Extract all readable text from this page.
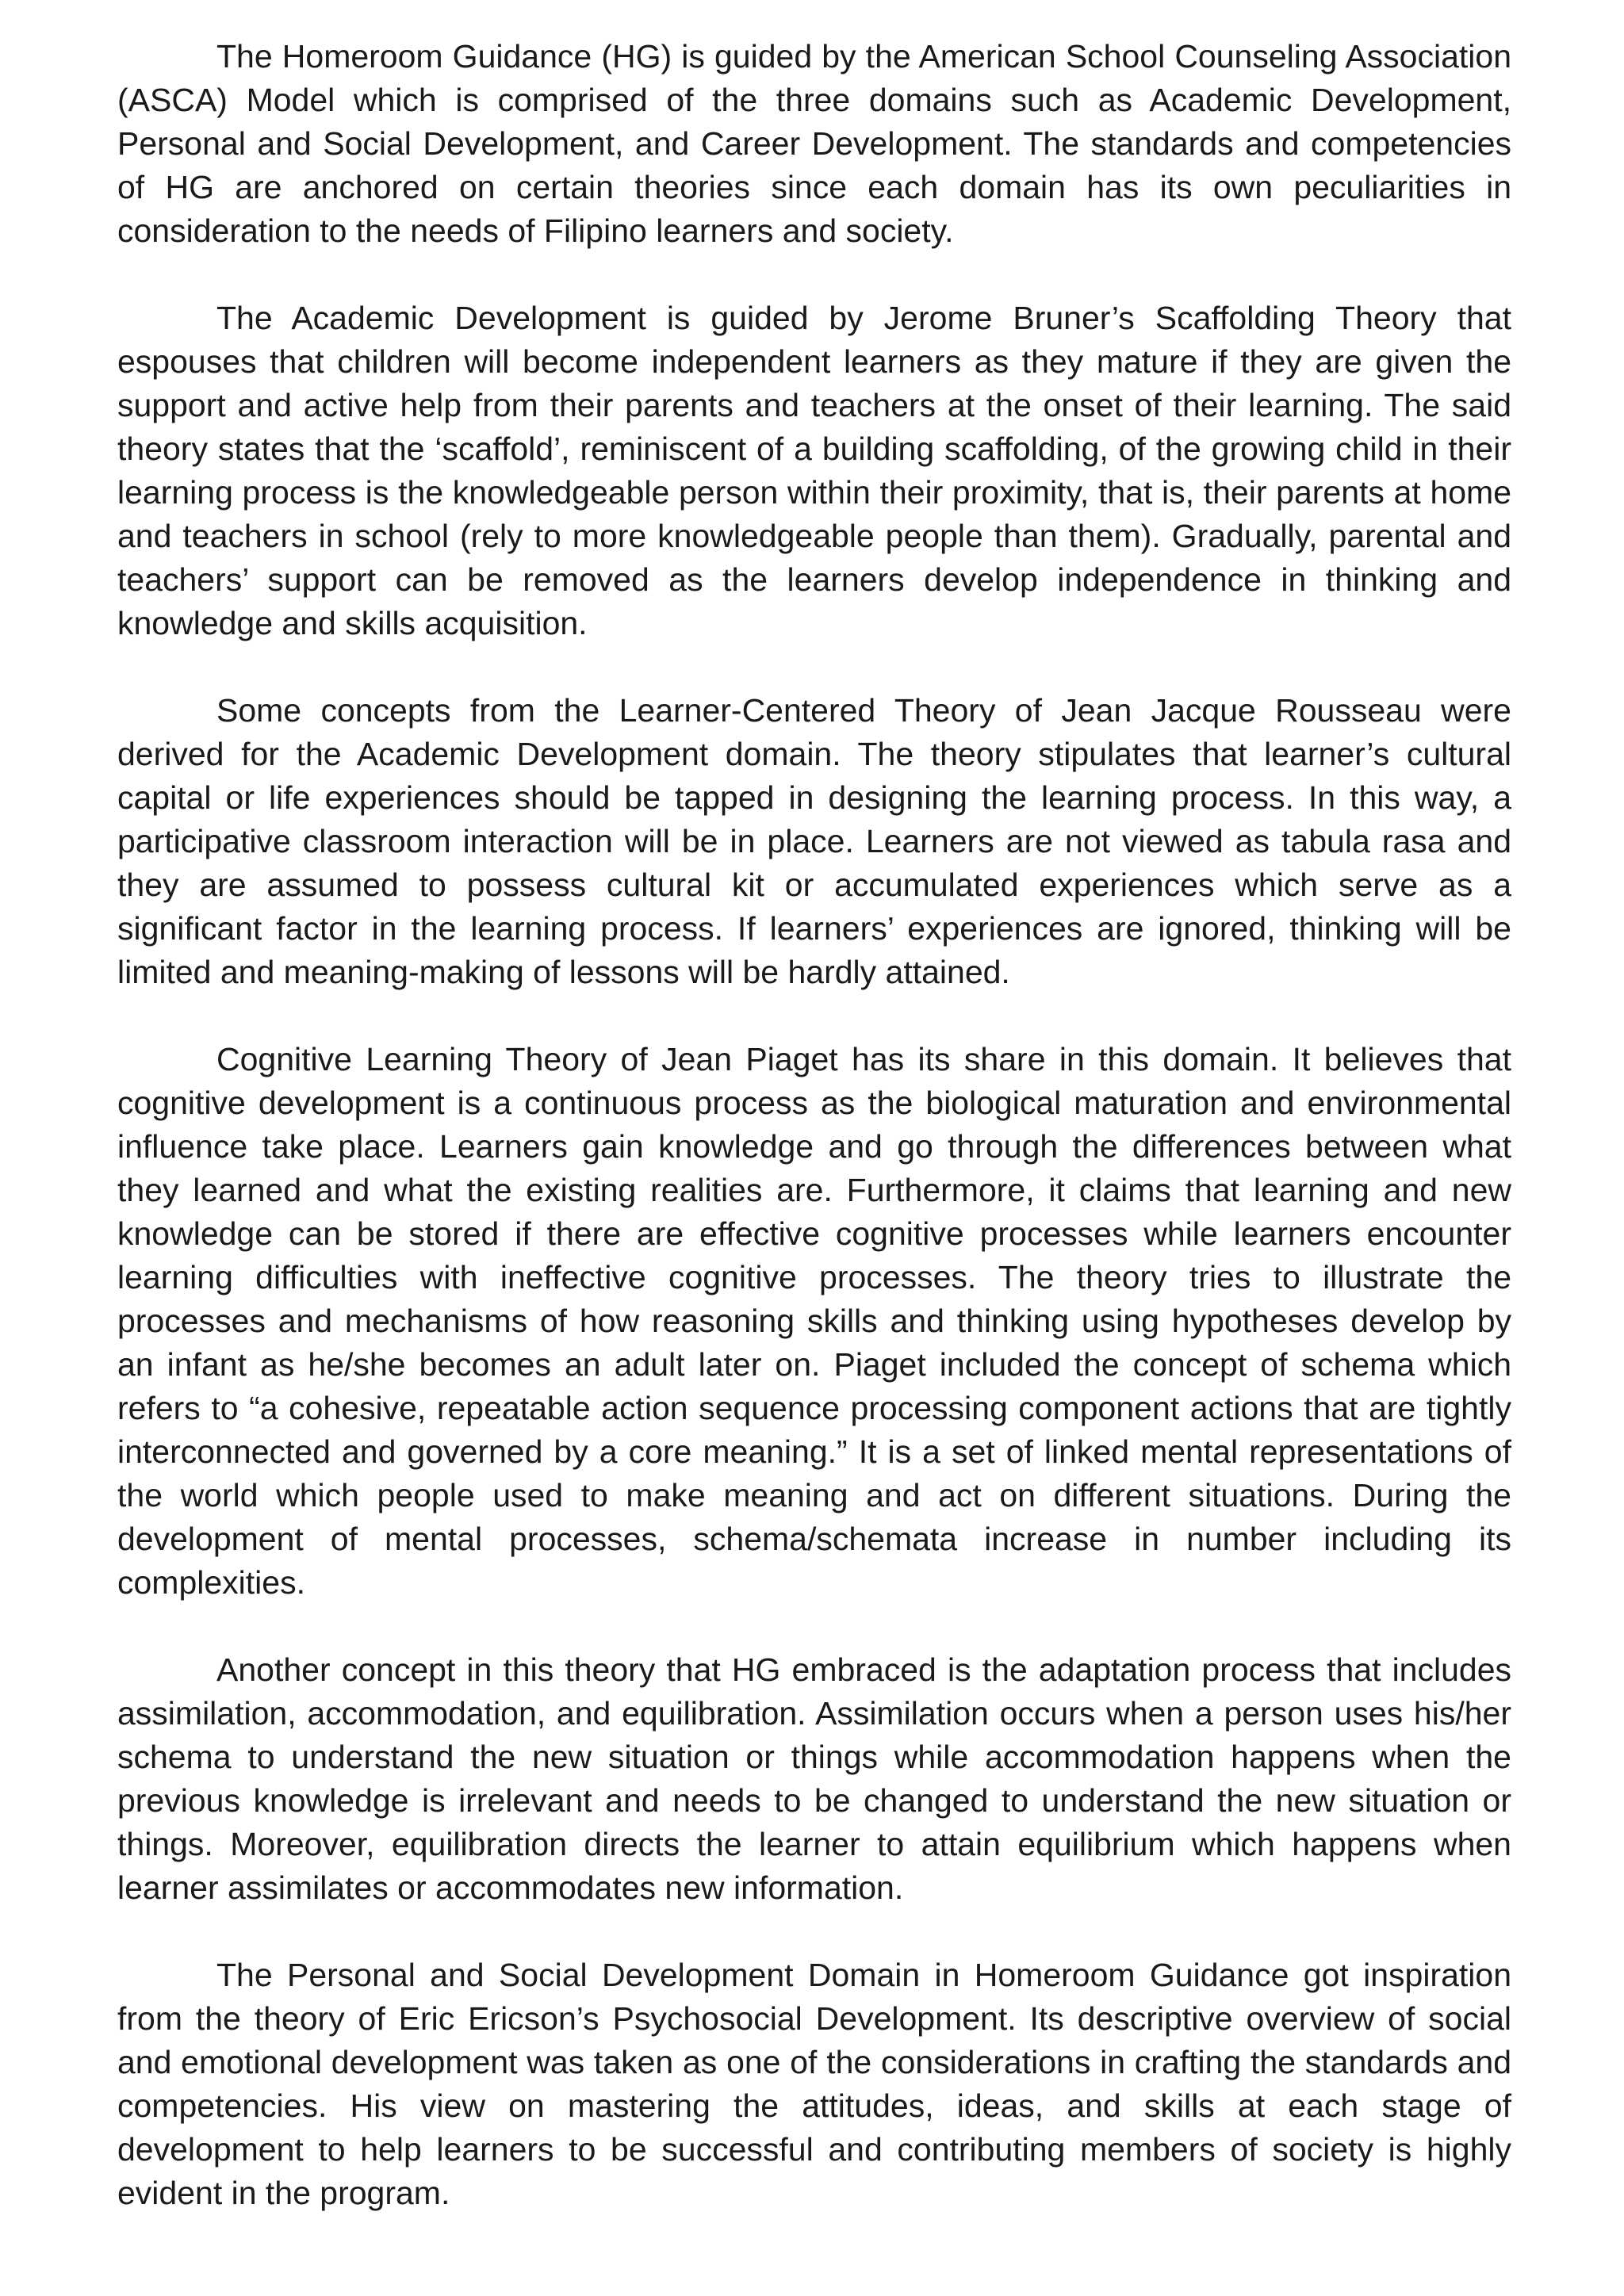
The Homeroom Guidance (HG) is guided by the American School Counseling Association (ASCA) Model which is comprised of the three domains such as Academic Development, Personal and Social Development, and Career Development. The standards and competencies of HG are anchored on certain theories since each domain has its own peculiarities in consideration to the needs of Filipino learners and society.

The Academic Development is guided by Jerome Bruner’s Scaffolding Theory that espouses that children will become independent learners as they mature if they are given the support and active help from their parents and teachers at the onset of their learning. The said theory states that the ‘scaffold’, reminiscent of a building scaffolding, of the growing child in their learning process is the knowledgeable person within their proximity, that is, their parents at home and teachers in school (rely to more knowledgeable people than them). Gradually, parental and teachers’ support can be removed as the learners develop independence in thinking and knowledge and skills acquisition.

Some concepts from the Learner-Centered Theory of Jean Jacque Rousseau were derived for the Academic Development domain. The theory stipulates that learner’s cultural capital or life experiences should be tapped in designing the learning process. In this way, a participative classroom interaction will be in place. Learners are not viewed as tabula rasa and they are assumed to possess cultural kit or accumulated experiences which serve as a significant factor in the learning process. If learners’ experiences are ignored, thinking will be limited and meaning-making of lessons will be hardly attained.

Cognitive Learning Theory of Jean Piaget has its share in this domain. It believes that cognitive development is a continuous process as the biological maturation and environmental influence take place. Learners gain knowledge and go through the differences between what they learned and what the existing realities are. Furthermore, it claims that learning and new knowledge can be stored if there are effective cognitive processes while learners encounter learning difficulties with ineffective cognitive processes. The theory tries to illustrate the processes and mechanisms of how reasoning skills and thinking using hypotheses develop by an infant as he/she becomes an adult later on. Piaget included the concept of schema which refers to “a cohesive, repeatable action sequence processing component actions that are tightly interconnected and governed by a core meaning.” It is a set of linked mental representations of the world which people used to make meaning and act on different situations. During the development of mental processes, schema/schemata increase in number including its complexities.

Another concept in this theory that HG embraced is the adaptation process that includes assimilation, accommodation, and equilibration. Assimilation occurs when a person uses his/her schema to understand the new situation or things while accommodation happens when the previous knowledge is irrelevant and needs to be changed to understand the new situation or things. Moreover, equilibration directs the learner to attain equilibrium which happens when learner assimilates or accommodates new information.

The Personal and Social Development Domain in Homeroom Guidance got inspiration from the theory of Eric Ericson’s Psychosocial Development. Its descriptive overview of social and emotional development was taken as one of the considerations in crafting the standards and competencies. His view on mastering the attitudes, ideas, and skills at each stage of development to help learners to be successful and contributing members of society is highly evident in the program.
